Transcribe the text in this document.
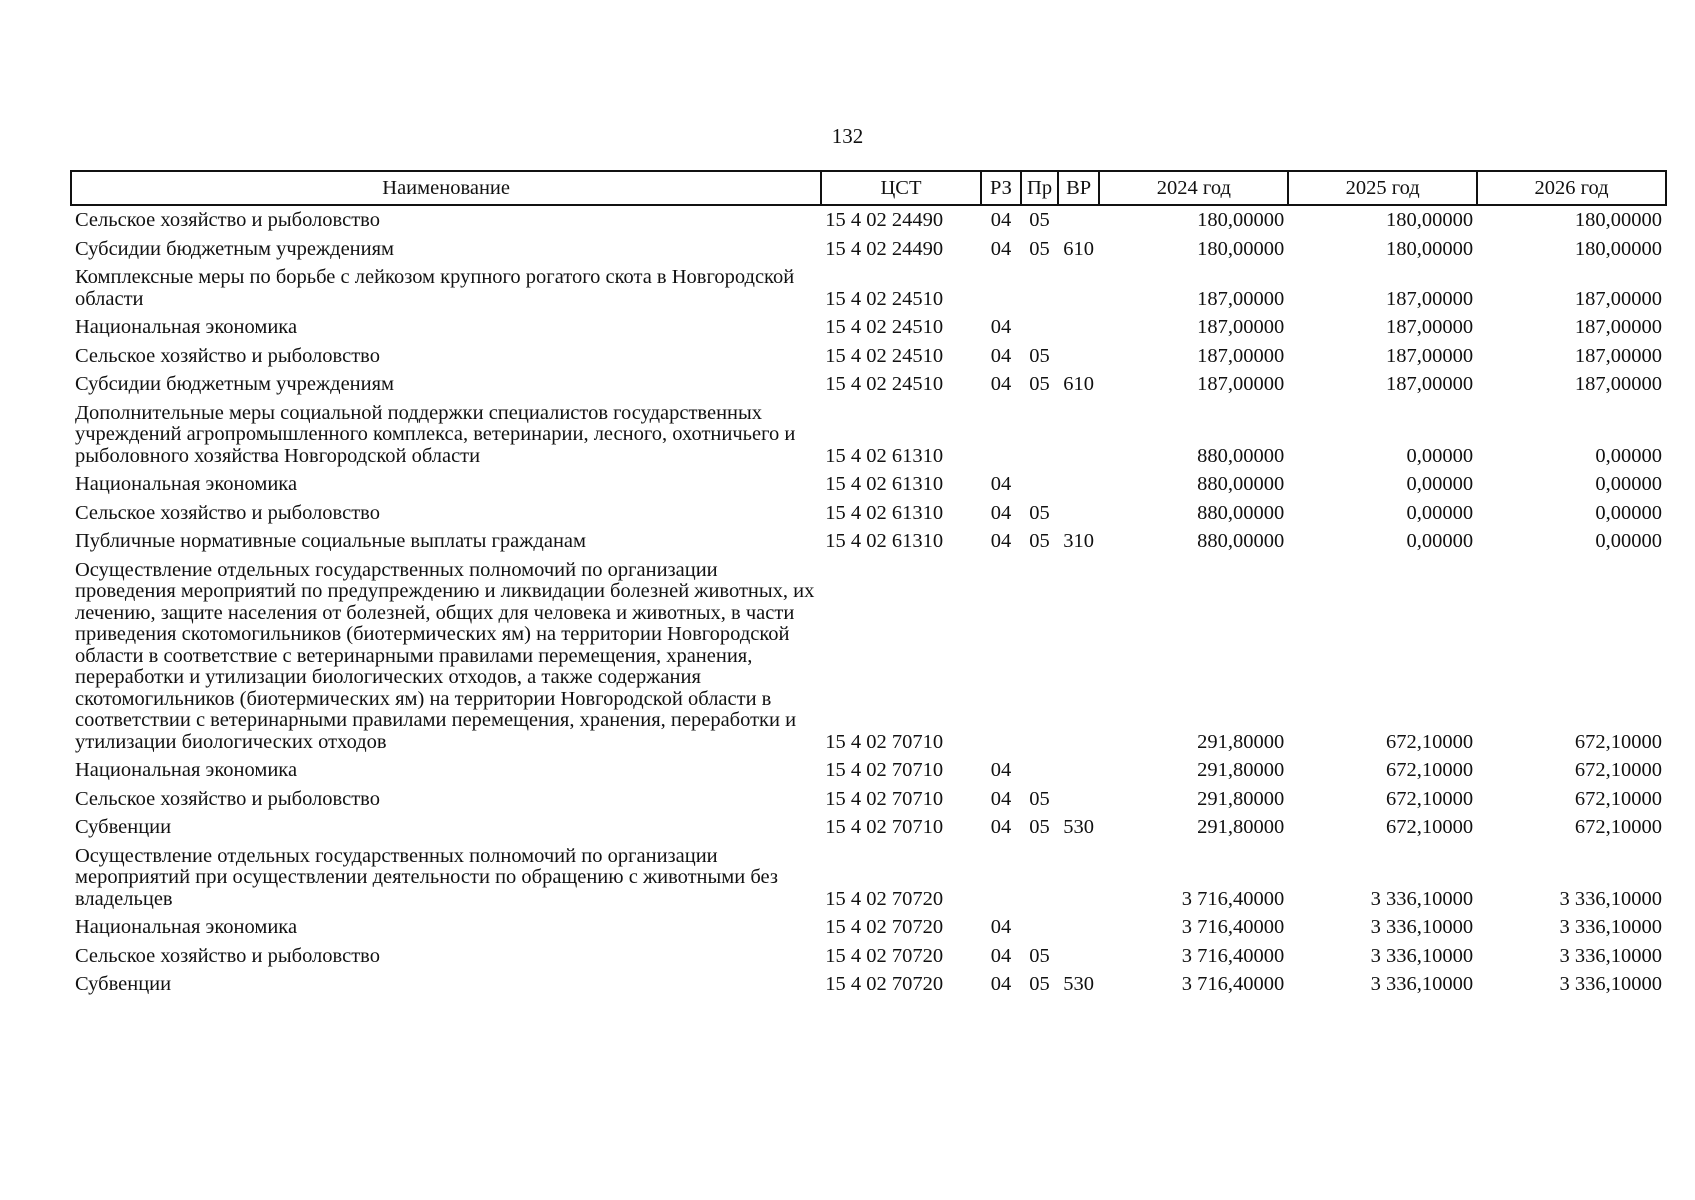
132
Наименование	ЦСТ	РЗ	Пр	ВР	2024 год	2025 год	2026 год
Сельское хозяйство и рыболовство	15 4 02 24490	04	05		180,00000	180,00000	180,00000
Субсидии бюджетным учреждениям	15 4 02 24490	04	05	610	180,00000	180,00000	180,00000
Комплексные меры по борьбе с лейкозом крупного рогатого скота в Новгородской области	15 4 02 24510				187,00000	187,00000	187,00000
Национальная экономика	15 4 02 24510	04			187,00000	187,00000	187,00000
Сельское хозяйство и рыболовство	15 4 02 24510	04	05		187,00000	187,00000	187,00000
Субсидии бюджетным учреждениям	15 4 02 24510	04	05	610	187,00000	187,00000	187,00000
Дополнительные меры социальной поддержки специалистов государственных учреждений агропромышленного комплекса, ветеринарии, лесного, охотничьего и рыболовного хозяйства Новгородской области	15 4 02 61310				880,00000	0,00000	0,00000
Национальная экономика	15 4 02 61310	04			880,00000	0,00000	0,00000
Сельское хозяйство и рыболовство	15 4 02 61310	04	05		880,00000	0,00000	0,00000
Публичные нормативные социальные выплаты гражданам	15 4 02 61310	04	05	310	880,00000	0,00000	0,00000
Осуществление отдельных государственных полномочий по организации проведения мероприятий по предупреждению и ликвидации болезней животных, их лечению, защите населения от болезней, общих для человека и животных, в части приведения скотомогильников (биотермических ям) на территории Новгородской области в соответствие с ветеринарными правилами перемещения, хранения, переработки и утилизации биологических отходов, а также содержания скотомогильников (биотермических ям) на территории Новгородской области в соответствии с ветеринарными правилами перемещения, хранения, переработки и утилизации биологических отходов	15 4 02 70710				291,80000	672,10000	672,10000
Национальная экономика	15 4 02 70710	04			291,80000	672,10000	672,10000
Сельское хозяйство и рыболовство	15 4 02 70710	04	05		291,80000	672,10000	672,10000
Субвенции	15 4 02 70710	04	05	530	291,80000	672,10000	672,10000
Осуществление отдельных государственных полномочий по организации мероприятий при осуществлении деятельности по обращению с животными без владельцев	15 4 02 70720				3 716,40000	3 336,10000	3 336,10000
Национальная экономика	15 4 02 70720	04			3 716,40000	3 336,10000	3 336,10000
Сельское хозяйство и рыболовство	15 4 02 70720	04	05		3 716,40000	3 336,10000	3 336,10000
Субвенции	15 4 02 70720	04	05	530	3 716,40000	3 336,10000	3 336,10000
